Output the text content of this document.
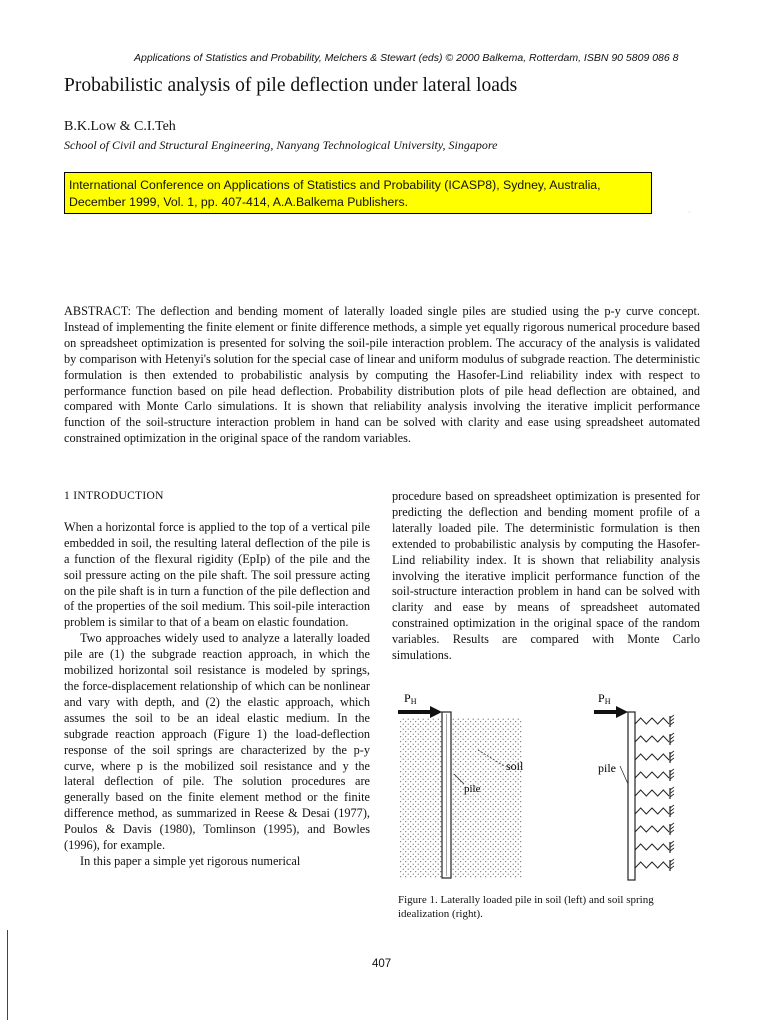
Applications of Statistics and Probability, Melchers & Stewart (eds) © 2000 Balkema, Rotterdam, ISBN 90 5809 086 8
Probabilistic analysis of pile deflection under lateral loads
B.K.Low & C.I.Teh
School of Civil and Structural Engineering, Nanyang Technological University, Singapore
International Conference on Applications of Statistics and Probability (ICASP8), Sydney, Australia, December 1999, Vol. 1, pp. 407-414, A.A.Balkema Publishers.
·
ABSTRACT: The deflection and bending moment of laterally loaded single piles are studied using the p-y curve concept. Instead of implementing the finite element or finite difference methods, a simple yet equally rigorous numerical procedure based on spreadsheet optimization is presented for solving the soil-pile interaction problem. The accuracy of the analysis is validated by comparison with Hetenyi's solution for the special case of linear and uniform modulus of subgrade reaction. The deterministic formulation is then extended to probabilistic analysis by computing the Hasofer-Lind reliability index with respect to performance function based on pile head deflection. Probability distribution plots of pile head deflection are obtained, and compared with Monte Carlo simulations. It is shown that reliability analysis involving the iterative implicit performance function of the soil-structure interaction problem in hand can be solved with clarity and ease using spreadsheet automated constrained optimization in the original space of the random variables.
1 INTRODUCTION

When a horizontal force is applied to the top of a vertical pile embedded in soil, the resulting lateral deflection of the pile is a function of the flexural rigidity (EpIp) of the pile and the soil pressure acting on the pile shaft. The soil pressure acting on the pile shaft is in turn a function of the pile deflection and of the properties of the soil medium. This soil-pile interaction problem is similar to that of a beam on elastic foundation.

Two approaches widely used to analyze a laterally loaded pile are (1) the subgrade reaction approach, in which the mobilized horizontal soil resistance is modeled by springs, the force-displacement relationship of which can be nonlinear and vary with depth, and (2) the elastic approach, which assumes the soil to be an ideal elastic medium. In the subgrade reaction approach (Figure 1) the load-deflection response of the soil springs are characterized by the p-y curve, where p is the mobilized soil resistance and y the lateral deflection of pile. The solution procedures are generally based on the finite element method or the finite difference method, as summarized in Reese & Desai (1977), Poulos & Davis (1980), Tomlinson (1995), and Bowles (1996), for example.

In this paper a simple yet rigorous numerical

procedure based on spreadsheet optimization is presented for predicting the deflection and bending moment profile of a laterally loaded pile. The deterministic formulation is then extended to probabilistic analysis by computing the Hasofer-Lind reliability index. It is shown that reliability analysis involving the iterative implicit performance function of the soil-structure interaction problem in hand can be solved with clarity and ease by means of spreadsheet automated constrained optimization in the original space of the random variables. Results are compared with Monte Carlo simulations.

PH
soil
pile
PH
pile
Figure 1. Laterally loaded pile in soil (left) and soil spring idealization (right).
407
